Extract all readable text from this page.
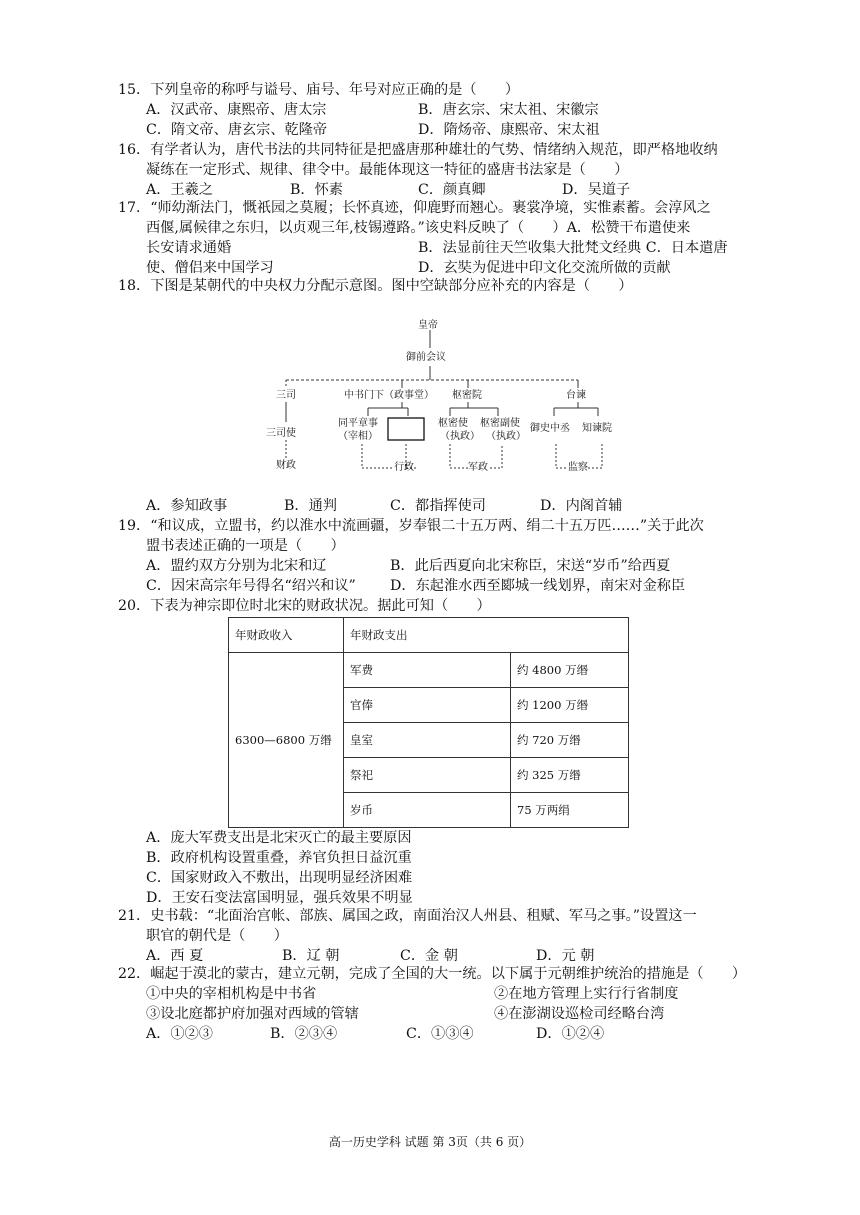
15．下列皇帝的称呼与谥号、庙号、年号对应正确的是（　　）
A．汉武帝、康熙帝、唐太宗	B．唐玄宗、宋太祖、宋徽宗
C．隋文帝、唐玄宗、乾隆帝	D．隋炀帝、康熙帝、宋太祖
16．有学者认为，唐代书法的共同特征是把盛唐那种雄壮的气势、情绪纳入规范，即严格地收纳
凝练在一定形式、规律、律令中。最能体现这一特征的盛唐书法家是（　　）
A．王羲之	B．怀素	C．颜真卿	D．吴道子
17．“师幼渐法门，慨祇园之莫履；长怀真迹，仰鹿野而翘心。裹裳净境，实惟素蓄。会淳风之
西偃,属候律之东归，以贞观三年,枝锡遵路。”该史料反映了（　　）A．松赞干布遣使来
长安请求通婚	B．法显前往天竺收集大批梵文经典 C．日本遣唐
使、僧侣来中国学习	D．玄奘为促进中印文化交流所做的贡献
18．下图是某朝代的中央权力分配示意图。图中空缺部分应补充的内容是（　　）
皇帝
御前会议
三司	中书门下（政事堂） 枢密院	台谏
三司使
同平章事
（宰相）
枢密使
（执政）
枢密副使
（执政）
御史中丞 知谏院
财政	行政	军政	监察
A．参知政事	B．通判	C．都指挥使司	D．内阁首辅
19．“和议成，立盟书，约以淮水中流画疆，岁奉银二十五万两、绢二十五万匹……”关于此次
盟书表述正确的一项是（　　）
A．盟约双方分别为北宋和辽	B．此后西夏向北宋称臣，宋送“岁币”给西夏
C．因宋高宗年号得名“绍兴和议” D．东起淮水西至郾城一线划界，南宋对金称臣
20．下表为神宗即位时北宋的财政状况。据此可知（　　）
年财政收入	年财政支出	
6300—6800 万缗	军费	约 4800 万缗
	官俸	约 1200 万缗
	皇室	约 720 万缗
	祭祀	约 325 万缗
	岁币	75 万两绢
A．庞大军费支出是北宋灭亡的最主要原因
B．政府机构设置重叠，养官负担日益沉重
C．国家财政入不敷出，出现明显经济困难
D．王安石变法富国明显，强兵效果不明显
21．史书载：“北面治宫帐、部族、属国之政，南面治汉人州县、租赋、军马之事。”设置这一
职官的朝代是（　　）
A．西 夏	B．辽 朝	C．金 朝	D．元 朝
22．崛起于漠北的蒙古，建立元朝，完成了全国的大一统。以下属于元朝维护统治的措施是（　　）
①中央的宰相机构是中书省	②在地方管理上实行行省制度
③设北庭都护府加强对西域的管辖	④在澎湖设巡检司经略台湾
A．①②③	B．②③④	C．①③④	D．①②④
高一历史学科 试题 第 3页（共 6 页）
